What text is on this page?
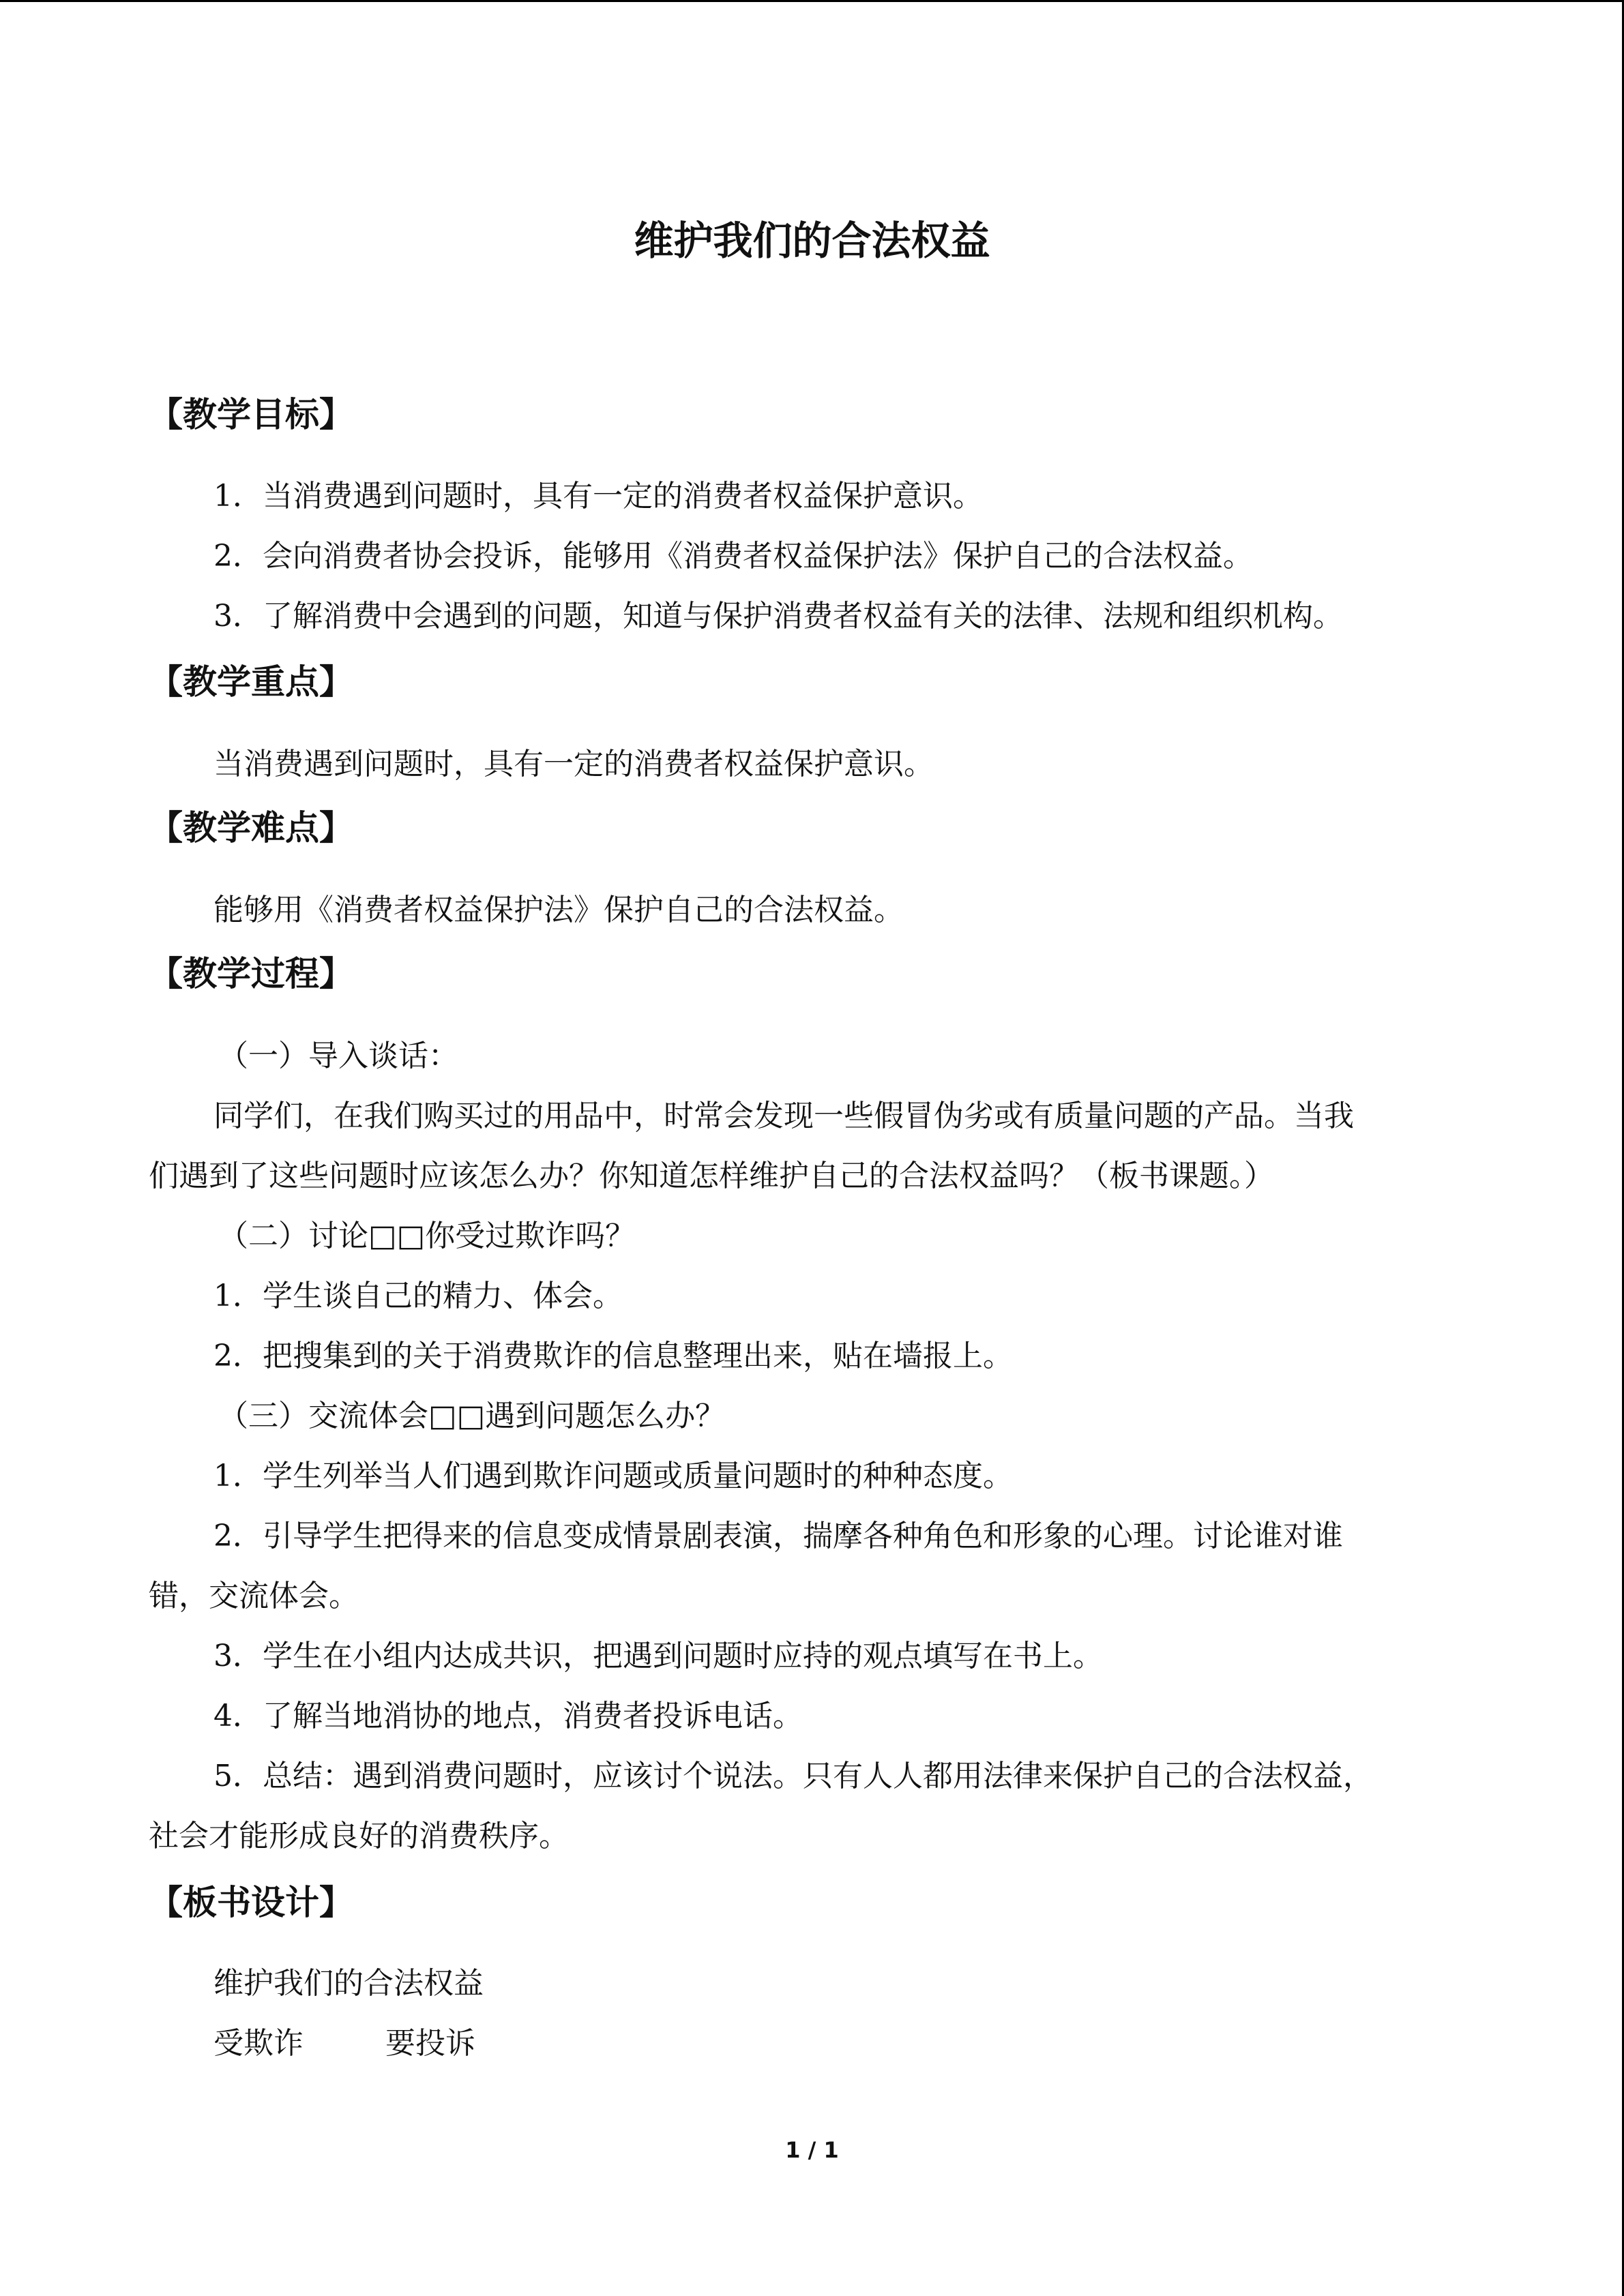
维护我们的合法权益
【教学目标】
1．当消费遇到问题时，具有一定的消费者权益保护意识。
2．会向消费者协会投诉，能够用《消费者权益保护法》保护自己的合法权益。
3．了解消费中会遇到的问题，知道与保护消费者权益有关的法律、法规和组织机构。
【教学重点】
当消费遇到问题时，具有一定的消费者权益保护意识。
【教学难点】
能够用《消费者权益保护法》保护自己的合法权益。
【教学过程】
（一）导入谈话：
同学们，在我们购买过的用品中，时常会发现一些假冒伪劣或有质量问题的产品。当我
们遇到了这些问题时应该怎么办？你知道怎样维护自己的合法权益吗？（板书课题。）
（二）讨论□□你受过欺诈吗？
1．学生谈自己的精力、体会。
2．把搜集到的关于消费欺诈的信息整理出来，贴在墙报上。
（三）交流体会□□遇到问题怎么办？
1．学生列举当人们遇到欺诈问题或质量问题时的种种态度。
2．引导学生把得来的信息变成情景剧表演，揣摩各种角色和形象的心理。讨论谁对谁
错，交流体会。
3．学生在小组内达成共识，把遇到问题时应持的观点填写在书上。
4．了解当地消协的地点，消费者投诉电话。
5．总结：遇到消费问题时，应该讨个说法。只有人人都用法律来保护自己的合法权益，
社会才能形成良好的消费秩序。
【板书设计】
维护我们的合法权益
受欺诈	要投诉
1 / 1
